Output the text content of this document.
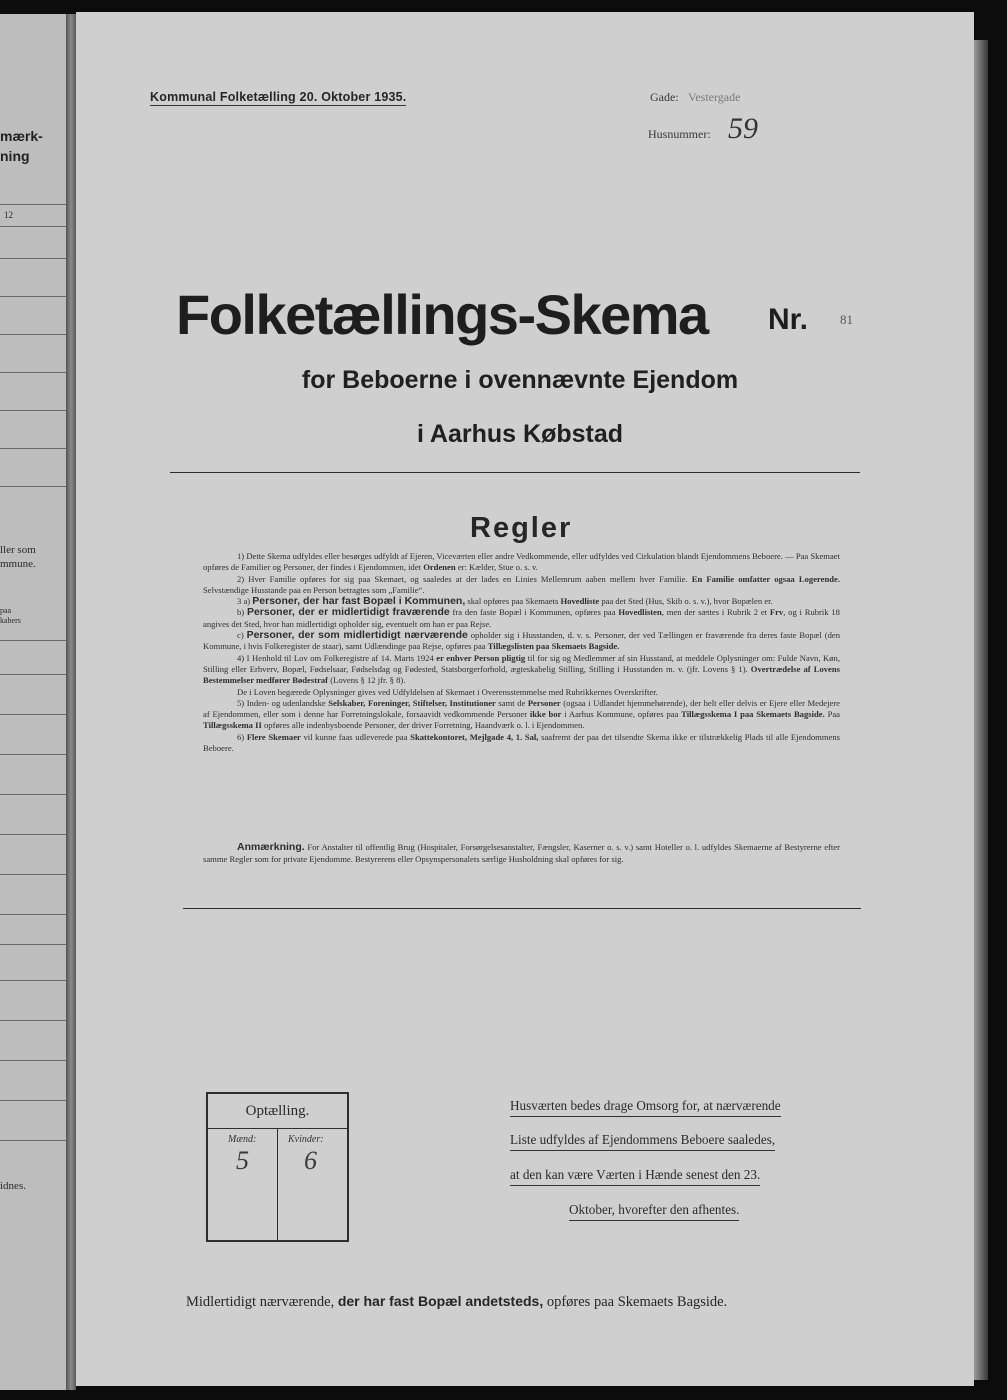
mærk-
ning
12
ller som
mmune.
paa
kabers
idnes.
Kommunal Folketælling 20. Oktober 1935.	Gade: Vestergade
Husnummer: 59
Folketællings-Skema Nr. 81
for Beboerne i ovennævnte Ejendom
i Aarhus Købstad
Regler

1) Dette Skema udfyldes eller besørges udfyldt af Ejeren, Viceværten eller andre Vedkommende, eller udfyldes ved Cirkulation blandt Ejendommens Beboere. — Paa Skemaet opføres de Familier og Personer, der findes i Ejendommen, idet Ordenen er: Kælder, Stue o. s. v.

2) Hver Familie opføres for sig paa Skemaet, og saaledes at der lades en Linies Mellemrum aaben mellem hver Familie. En Familie omfatter ogsaa Logerende. Selvstændige Husstande paa en Person betragtes som „Familie“.

3 a) Personer, der har fast Bopæl i Kommunen, skal opføres paa Skemaets Hovedliste paa det Sted (Hus, Skib o. s. v.), hvor Bopælen er.

b) Personer, der er midlertidigt fraværende fra den faste Bopæl i Kommunen, opføres paa Hovedlisten, men der sættes i Rubrik 2 et Frv, og i Rubrik 18 angives det Sted, hvor han midlertidigt opholder sig, eventuelt om han er paa Rejse.

c) Personer, der som midlertidigt nærværende opholder sig i Husstanden, d. v. s. Personer, der ved Tællingen er fraværende fra deres faste Bopæl (den Kommune, i hvis Folkeregister de staar), samt Udlændinge paa Rejse, opføres paa Tillægslisten paa Skemaets Bagside.

4) I Henhold til Lov om Folkeregistre af 14. Marts 1924 er enhver Person pligtig til for sig og Medlemmer af sin Husstand, at meddele Oplysninger om: Fulde Navn, Køn, Stilling eller Erhverv, Bopæl, Fødselsaar, Fødselsdag og Fødested, Statsborgerforhold, ægteskabelig Stilling, Stilling i Husstanden m. v. (jfr. Lovens § 1). Overtrædelse af Lovens Bestemmelser medfører Bødestraf (Lovens § 12 jfr. § 8).

De i Loven begærede Oplysninger gives ved Udfyldelsen af Skemaet i Overensstemmelse med Rubrikkernes Overskrifter.

5) Inden- og udenlandske Selskaber, Foreninger, Stiftelser, Institutioner samt de Personer (ogsaa i Udlandet hjemmehørende), der helt eller delvis er Ejere eller Medejere af Ejendommen, eller som i denne har Forretningslokale, forsaavidt vedkommende Personer ikke bor i Aarhus Kommune, opføres paa Tillægsskema I paa Skemaets Bagside. Paa Tillægsskema II opføres alle indenbysboende Personer, der driver Forretning, Haandværk o. l. i Ejendommen.

6) Flere Skemaer vil kunne faas udleverede paa Skattekontoret, Mejlgade 4, 1. Sal, saafremt der paa det tilsendte Skema ikke er tilstrækkelig Plads til alle Ejendommens Beboere.

Anmærkning. For Anstalter til offentlig Brug (Hospitaler, Forsørgelsesanstalter, Fængsler, Kaserner o. s. v.) samt Hoteller o. l. udfyldes Skemaerne af Bestyrerne efter samme Regler som for private Ejendomme. Bestyrerens eller Opsynspersonalets særlige Husholdning skal opføres for sig.
Optælling.
Mænd:	Kvinder:
5 6
Husværten bedes drage Omsorg for, at nærværende
Liste udfyldes af Ejendommens Beboere saaledes,
at den kan være Værten i Hænde senest den 23.
Oktober, hvorefter den afhentes.
Midlertidigt nærværende, der har fast Bopæl andetsteds, opføres paa Skemaets Bagside.
